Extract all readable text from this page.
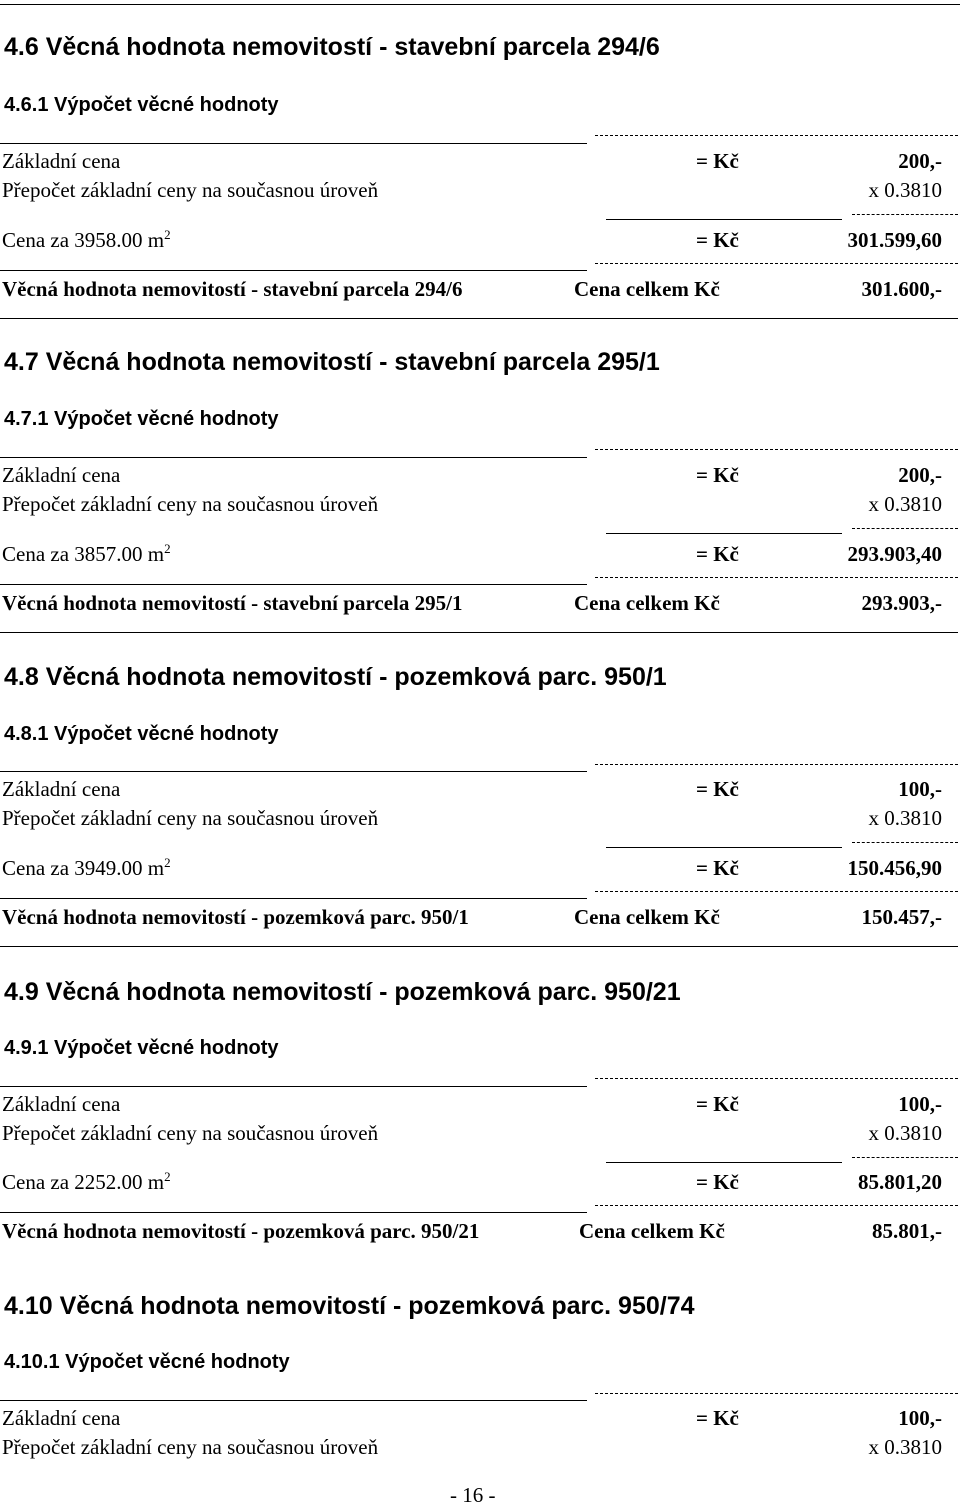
4.6 Věcná hodnota nemovitostí - stavební parcela 294/6
4.6.1 Výpočet věcné hodnoty
Základní cena	= Kč	200,-
Přepočet základní ceny na současnou úroveň	x 0.3810
Cena za 3958.00 $m^2$	= Kč	301.599,60
Věcná hodnota nemovitostí - stavební parcela 294/6	Cena celkem Kč	301.600,-
4.7 Věcná hodnota nemovitostí - stavební parcela 295/1
4.7.1 Výpočet věcné hodnoty
Základní cena	= Kč	200,-
Přepočet základní ceny na současnou úroveň	x 0.3810
Cena za 3857.00 $m^2$	= Kč	293.903,40
Věcná hodnota nemovitostí - stavební parcela 295/1	Cena celkem Kč	293.903,-
4.8 Věcná hodnota nemovitostí - pozemková parc. 950/1
4.8.1 Výpočet věcné hodnoty
Základní cena	= Kč	100,-
Přepočet základní ceny na současnou úroveň	x 0.3810
Cena za 3949.00 $m^2$	= Kč	150.456,90
Věcná hodnota nemovitostí - pozemková parc. 950/1	Cena celkem Kč	150.457,-
4.9 Věcná hodnota nemovitostí - pozemková parc. 950/21
4.9.1 Výpočet věcné hodnoty
Základní cena	= Kč	100,-
Přepočet základní ceny na současnou úroveň	x 0.3810
Cena za 2252.00 $m^2$	= Kč	85.801,20
Věcná hodnota nemovitostí - pozemková parc. 950/21	Cena celkem Kč	85.801,-
4.10 Věcná hodnota nemovitostí - pozemková parc. 950/74
4.10.1 Výpočet věcné hodnoty
Základní cena	= Kč	100,-
Přepočet základní ceny na současnou úroveň	x 0.3810
- 16 -
